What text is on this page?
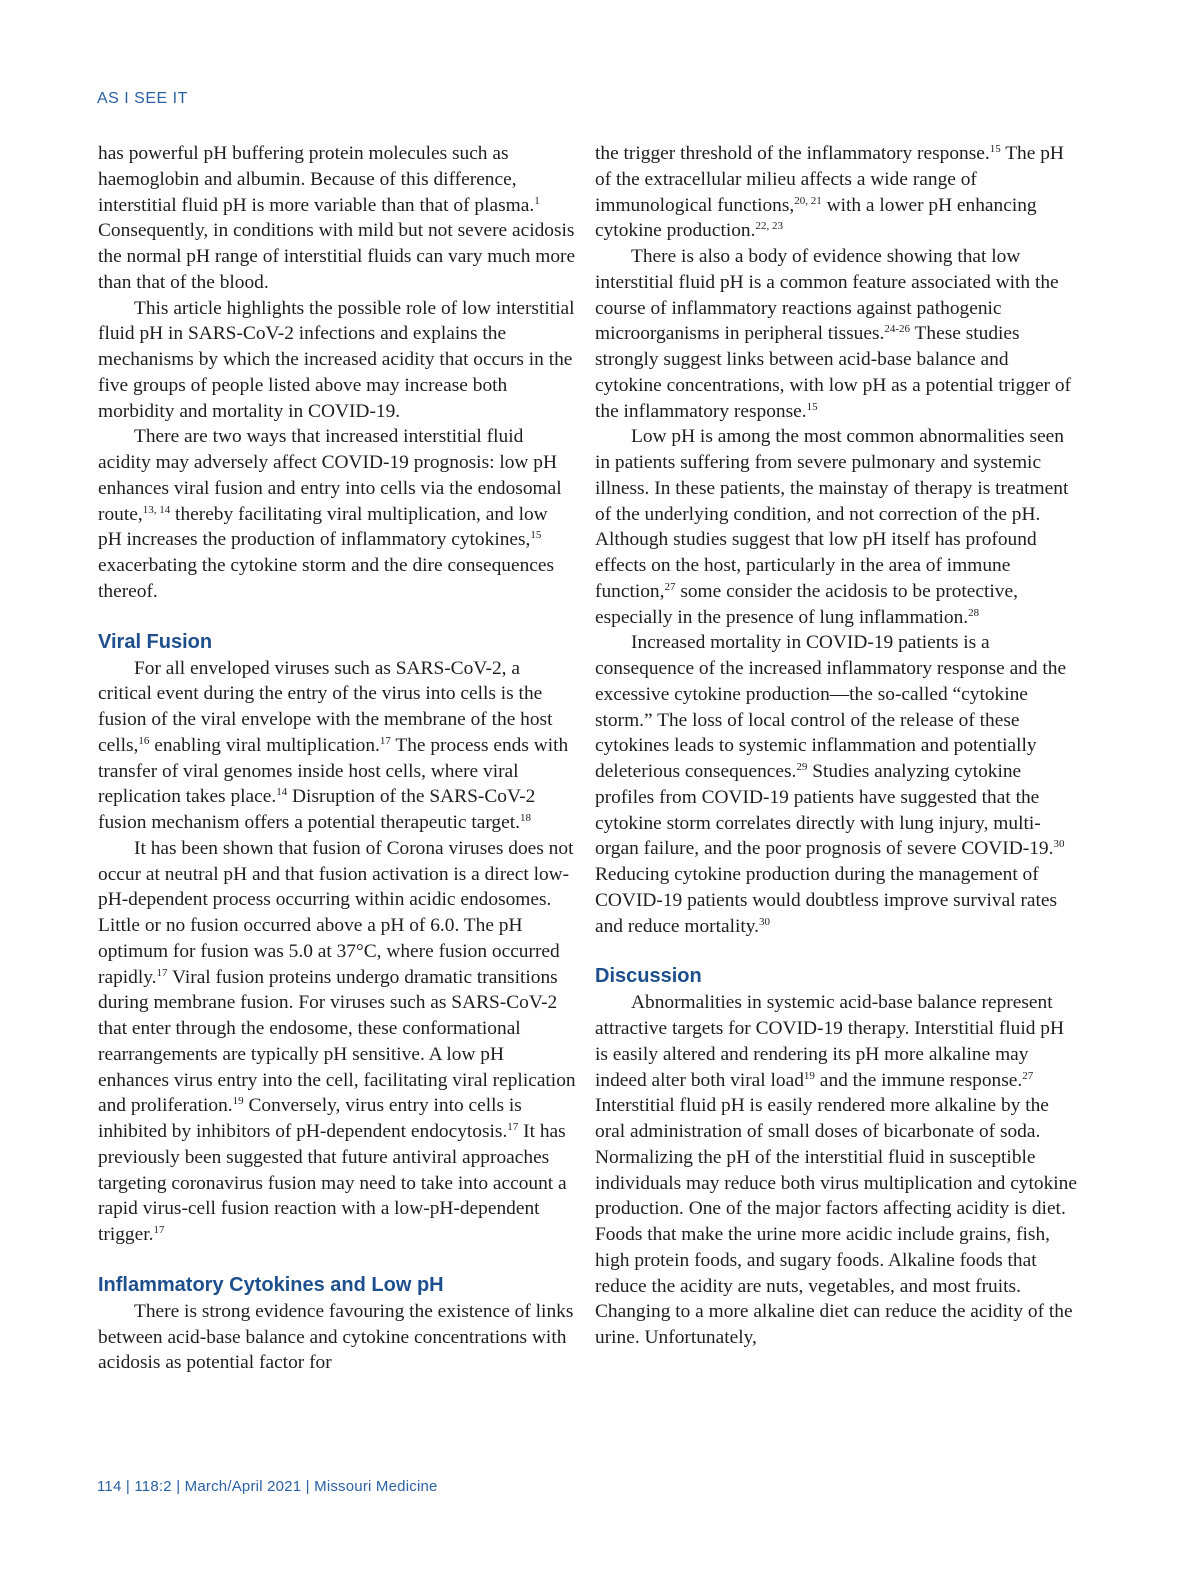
AS I SEE IT

has powerful pH buffering protein molecules such as haemoglobin and albumin. Because of this difference, interstitial fluid pH is more variable than that of plasma.$^1$ Consequently, in conditions with mild but not severe acidosis the normal pH range of interstitial fluids can vary much more than that of the blood.

This article highlights the possible role of low interstitial fluid pH in SARS-CoV-2 infections and explains the mechanisms by which the increased acidity that occurs in the five groups of people listed above may increase both morbidity and mortality in COVID-19.

There are two ways that increased interstitial fluid acidity may adversely affect COVID-19 prognosis: low pH enhances viral fusion and entry into cells via the endosomal route,$^{13, 14}$ thereby facilitating viral multiplication, and low pH increases the production of inflammatory cytokines,$^{15}$ exacerbating the cytokine storm and the dire consequences thereof.

Viral Fusion

For all enveloped viruses such as SARS-CoV-2, a critical event during the entry of the virus into cells is the fusion of the viral envelope with the membrane of the host cells,$^{16}$ enabling viral multiplication.$^{17}$ The process ends with transfer of viral genomes inside host cells, where viral replication takes place.$^{14}$ Disruption of the SARS-CoV-2 fusion mechanism offers a potential therapeutic target.$^{18}$

It has been shown that fusion of Corona viruses does not occur at neutral pH and that fusion activation is a direct low-pH-dependent process occurring within acidic endosomes. Little or no fusion occurred above a pH of 6.0. The pH optimum for fusion was 5.0 at 37°C, where fusion occurred rapidly.$^{17}$ Viral fusion proteins undergo dramatic transitions during membrane fusion. For viruses such as SARS-CoV-2 that enter through the endosome, these conformational rearrangements are typically pH sensitive. A low pH enhances virus entry into the cell, facilitating viral replication and proliferation.$^{19}$ Conversely, virus entry into cells is inhibited by inhibitors of pH-dependent endocytosis.$^{17}$ It has previously been suggested that future antiviral approaches targeting coronavirus fusion may need to take into account a rapid virus-cell fusion reaction with a low-pH-dependent trigger.$^{17}$

Inflammatory Cytokines and Low pH

There is strong evidence favouring the existence of links between acid-base balance and cytokine concentrations with acidosis as potential factor for

the trigger threshold of the inflammatory response.$^{15}$ The pH of the extracellular milieu affects a wide range of immunological functions,$^{20, 21}$ with a lower pH enhancing cytokine production.$^{22, 23}$

There is also a body of evidence showing that low interstitial fluid pH is a common feature associated with the course of inflammatory reactions against pathogenic microorganisms in peripheral tissues.$^{24-26}$ These studies strongly suggest links between acid-base balance and cytokine concentrations, with low pH as a potential trigger of the inflammatory response.$^{15}$

Low pH is among the most common abnormalities seen in patients suffering from severe pulmonary and systemic illness. In these patients, the mainstay of therapy is treatment of the underlying condition, and not correction of the pH. Although studies suggest that low pH itself has profound effects on the host, particularly in the area of immune function,$^{27}$ some consider the acidosis to be protective, especially in the presence of lung inflammation.$^{28}$

Increased mortality in COVID-19 patients is a consequence of the increased inflammatory response and the excessive cytokine production—the so-called “cytokine storm.” The loss of local control of the release of these cytokines leads to systemic inflammation and potentially deleterious consequences.$^{29}$ Studies analyzing cytokine profiles from COVID-19 patients have suggested that the cytokine storm correlates directly with lung injury, multi-organ failure, and the poor prognosis of severe COVID-19.30 Reducing cytokine production during the management of COVID-19 patients would doubtless improve survival rates and reduce mortality.$^{30}$

Discussion

Abnormalities in systemic acid-base balance represent attractive targets for COVID-19 therapy. Interstitial fluid pH is easily altered and rendering its pH more alkaline may indeed alter both viral load$^{19}$ and the immune response.$^{27}$ Interstitial fluid pH is easily rendered more alkaline by the oral administration of small doses of bicarbonate of soda. Normalizing the pH of the interstitial fluid in susceptible individuals may reduce both virus multiplication and cytokine production. One of the major factors affecting acidity is diet. Foods that make the urine more acidic include grains, fish, high protein foods, and sugary foods. Alkaline foods that reduce the acidity are nuts, vegetables, and most fruits. Changing to a more alkaline diet can reduce the acidity of the urine. Unfortunately,

114 | 118:2 | March/April 2021 | Missouri Medicine
